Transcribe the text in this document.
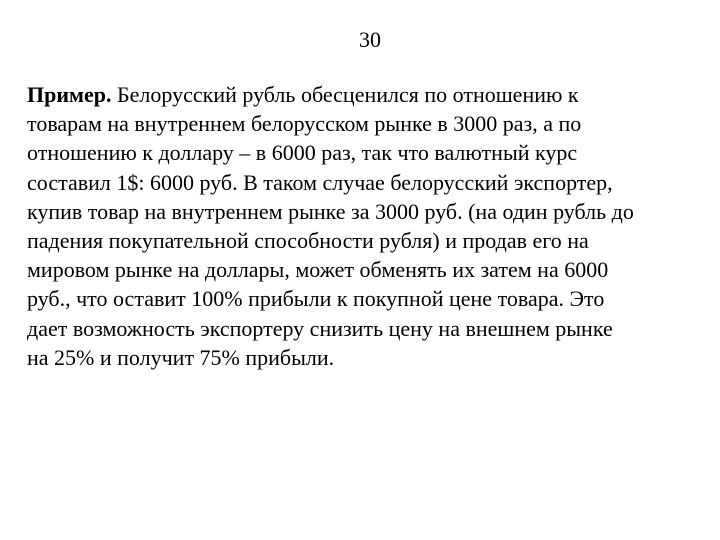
30

Пример. Белорусский рубль обесценился по отношению к
товарам на внутреннем белорусском рынке в 3000 раз, а по
отношению к доллару – в 6000 раз, так что валютный курс
составил 1$: 6000 руб. В таком случае белорусский экспортер,
купив товар на внутреннем рынке за 3000 руб. (на один рубль до
падения покупательной способности рубля) и продав его на
мировом рынке на доллары, может обменять их затем на 6000
руб., что оставит 100% прибыли к покупной цене товара. Это
дает возможность экспортеру снизить цену на внешнем рынке
на 25% и получит 75% прибыли.
